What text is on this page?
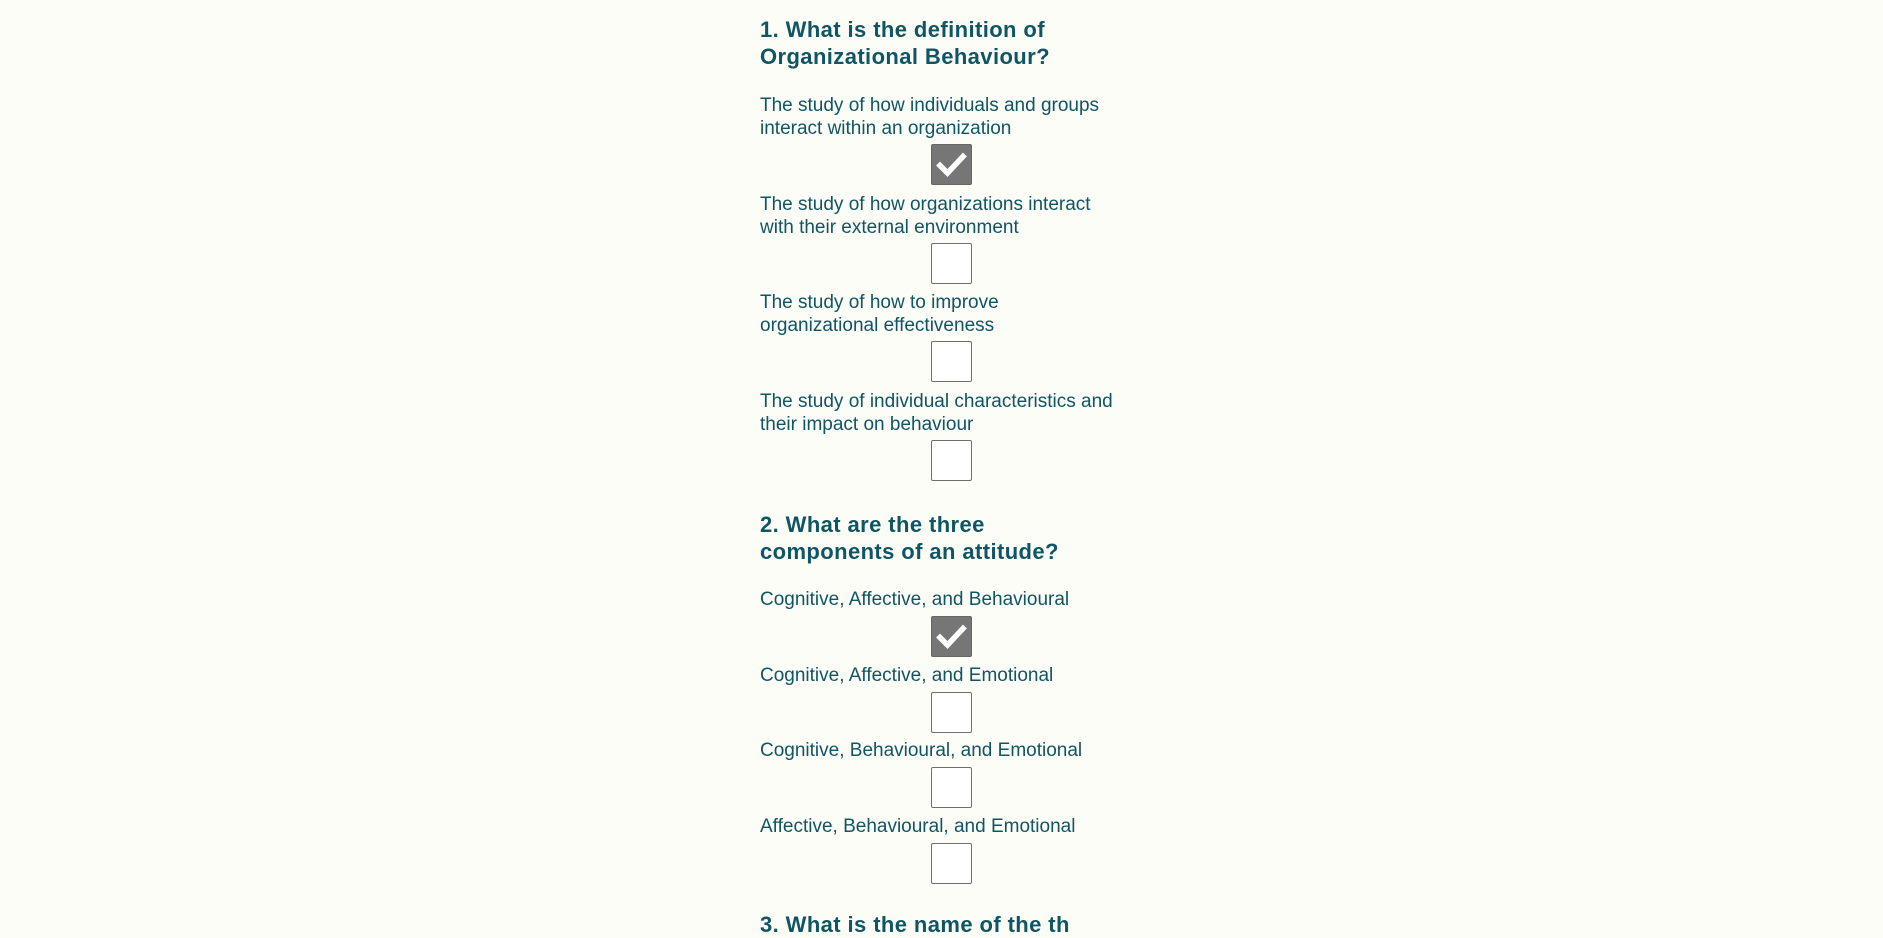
1. What is the definition of
Organizational Behaviour?
The study of how individuals and groups
interact within an organization
The study of how organizations interact
with their external environment
The study of how to improve
organizational effectiveness
The study of individual characteristics and
their impact on behaviour
2. What are the three
components of an attitude?
Cognitive, Affective, and Behavioural
Cognitive, Affective, and Emotional
Cognitive, Behavioural, and Emotional
Affective, Behavioural, and Emotional
3. What is the name of the th
